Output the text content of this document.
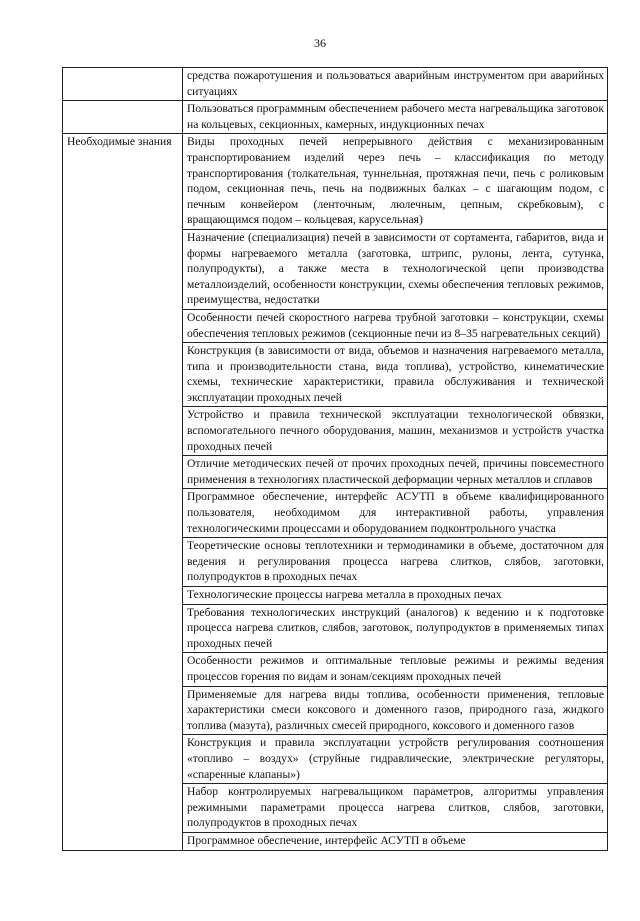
36
	средства пожаротушения и пользоваться аварийным инструментом при аварийных ситуациях
	Пользоваться программным обеспечением рабочего места нагревальщика заготовок на кольцевых, секционных, камерных, индукционных печах
Необходимые знания	Виды проходных печей непрерывного действия с механизированным транспортированием изделий через печь – классификация по методу транспортирования (толкательная, туннельная, протяжная печи, печь с роликовым подом, секционная печь, печь на подвижных балках – с шагающим подом, с печным конвейером (ленточным, люлечным, цепным, скребковым), с вращающимся подом – кольцевая, карусельная)
	Назначение (специализация) печей в зависимости от сортамента, габаритов, вида и формы нагреваемого металла (заготовка, штрипс, рулоны, лента, сутунка, полупродукты), а также места в технологической цепи производства металлоизделий, особенности конструкции, схемы обеспечения тепловых режимов, преимущества, недостатки
	Особенности печей скоростного нагрева трубной заготовки – конструкции, схемы обеспечения тепловых режимов (секционные печи из 8–35 нагревательных секций)
	Конструкция (в зависимости от вида, объемов и назначения нагреваемого металла, типа и производительности стана, вида топлива), устройство, кинематические схемы, технические характеристики, правила обслуживания и технической эксплуатации проходных печей
	Устройство и правила технической эксплуатации технологической обвязки, вспомогательного печного оборудования, машин, механизмов и устройств участка проходных печей
	Отличие методических печей от прочих проходных печей, причины повсеместного применения в технологиях пластической деформации черных металлов и сплавов
	Программное обеспечение, интерфейс АСУТП в объеме квалифицированного пользователя, необходимом для интерактивной работы, управления технологическими процессами и оборудованием подконтрольного участка
	Теоретические основы теплотехники и термодинамики в объеме, достаточном для ведения и регулирования процесса нагрева слитков, слябов, заготовки, полупродуктов в проходных печах
	Технологические процессы нагрева металла в проходных печах
	Требования технологических инструкций (аналогов) к ведению и к подготовке процесса нагрева слитков, слябов, заготовок, полупродуктов в применяемых типах проходных печей
	Особенности режимов и оптимальные тепловые режимы и режимы ведения процессов горения по видам и зонам/секциям проходных печей
	Применяемые для нагрева виды топлива, особенности применения, тепловые характеристики смеси коксового и доменного газов, природного газа, жидкого топлива (мазута), различных смесей природного, коксового и доменного газов
	Конструкция и правила эксплуатации устройств регулирования соотношения «топливо – воздух» (струйные гидравлические, электрические регуляторы, «спаренные клапаны»)
	Набор контролируемых нагревальщиком параметров, алгоритмы управления режимными параметрами процесса нагрева слитков, слябов, заготовки, полупродуктов в проходных печах
	Программное обеспечение, интерфейс АСУТП в объеме
